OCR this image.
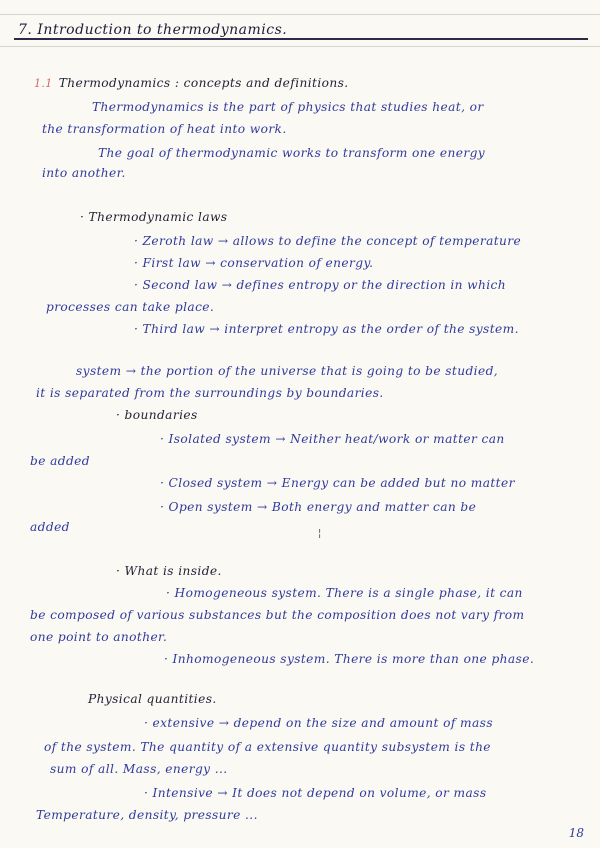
7. Introduction to thermodynamics.
1.1 Thermodynamics : concepts and definitions.
Thermodynamics is the part of physics that studies heat, or
the transformation of heat into work.
The goal of thermodynamic works to transform one energy
into another.
· Thermodynamic laws
· Zeroth law → allows to define the concept of temperature
· First law → conservation of energy.
· Second law → defines entropy or the direction in which
processes can take place.
· Third law → interpret entropy as the order of the system.
system → the portion of the universe that is going to be studied,
it is separated from the surroundings by boundaries.
· boundaries
· Isolated system → Neither heat/work or matter can
be added
· Closed system → Energy can be added but no matter
· Open system → Both energy and matter can be
added	¦
· What is inside.
· Homogeneous system. There is a single phase, it can
be composed of various substances but the composition does not vary from
one point to another.
· Inhomogeneous system. There is more than one phase.
Physical quantities.
· extensive → depend on the size and amount of mass
of the system. The quantity of a extensive quantity subsystem is the
sum of all. Mass, energy ...
· Intensive → It does not depend on volume, or mass
Temperature, density, pressure ...
18
